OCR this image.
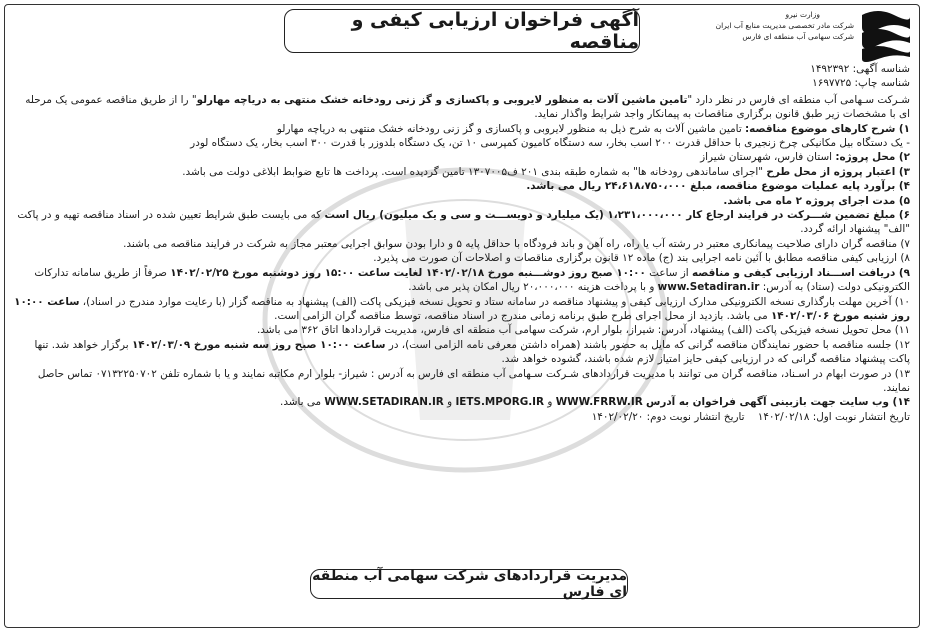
آگهی فراخوان ارزیابی کیفی و مناقصه
وزارت نیرو
شرکت مادر تخصصی مدیریت منابع آب ایران
شرکت سهامی آب منطقه ای فارس

شناسه آگهی: ۱۴۹۲۳۹۲

شناسه چاپ: ۱۶۹۷۷۲۵

شـرکت سـهامی آب منطقه ای فارس در نظر دارد "تامین ماشین آلات به منظور لایروبی و پاکسازی و گز زنی رودخانه خشک منتهی به دریاچه مهارلو" را از طریق مناقصه عمومی یک مرحله ای با مشخصات زیر طبق قانون برگزاری مناقصات به پیمانکار واجد شرایط واگذار نماید.

۱) شرح کارهای موضوع مناقصه: تامین ماشین آلات به شرح ذیل به منظور لایروبی و پاکسازی و گز زنی رودخانه خشک منتهی به دریاچه مهارلو

- یک دستگاه بیل مکانیکی چرخ زنجیری با حداقل قدرت ۲۰۰ اسب بخار، سه دستگاه کامیون کمپرسی ۱۰ تن، یک دستگاه بلدوزر با قدرت ۳۰۰ اسب بخار، یک دستگاه لودر

۲) محل پروژه: استان فارس، شهرستان شیراز

۳) اعتبار پروژه از محل طرح "اجرای ساماندهی رودخانه ها" به شماره طبقه بندی ۲۰۱ ف۱۳۰۷۰۰۵ تامین گردیده است. پرداخت ها تابع ضوابط ابلاغی دولت می باشد.

۴) برآورد پایه عملیات موضوع مناقصه، مبلغ ۲۴،۶۱۸،۷۵۰،۰۰۰ ریال می باشد.

۵) مدت اجرای پروژه ۲ ماه می باشد.

۶) مبلغ تضمین شـــرکت در فرایند ارجاع کار ۱،۲۳۱،۰۰۰،۰۰۰ (یک میلیارد و دویســـت و سی و یک میلیون) ریال است که می بایست طبق شرایط تعیین شده در اسناد مناقصه تهیه و در پاکت "الف" پیشنهاد ارائه گردد.

۷) مناقصه گران دارای صلاحیت پیمانکاری معتبر در رشته آب یا راه، راه آهن و باند فرودگاه با حداقل پایه ۵ و دارا بودن سوابق اجرایی معتبر مجاز به شرکت در فرایند مناقصه می باشند.

۸) ارزیابی کیفی مناقصه مطابق با آئین نامه اجرایی بند (ج) ماده ۱۲ قانون برگزاری مناقصات و اصلاحات آن صورت می پذیرد.

۹) دریافت اســـناد ارزیابی کیفی و مناقصه از ساعت ۱۰:۰۰ صبح روز دوشـــنبه مورخ ۱۴۰۲/۰۲/۱۸ لغایت ساعت ۱۵:۰۰ روز دوشنبه مورخ ۱۴۰۲/۰۲/۲۵ صرفاً از طریق سامانه تدارکات الکترونیکی دولت (ستاد) به آدرس: www.Setadiran.ir و با پرداخت هزینه ۲۰،۰۰۰،۰۰۰ ریال امکان پذیر می باشد.

۱۰) آخرین مهلت بارگذاری نسخه الکترونیکی مدارک ارزیابی کیفی و پیشنهاد مناقصه در سامانه ستاد و تحویل نسخه فیزیکی پاکت (الف) پیشنهاد به مناقصه گزار (با رعایت موارد مندرج در اسناد)، ساعت ۱۰:۰۰ روز شنبه مورخ ۱۴۰۲/۰۳/۰۶ می باشد. بازدید از محل اجرای طرح طبق برنامه زمانی مندرج در اسناد مناقصه، توسط مناقصه گران الزامی است.

۱۱) محل تحویل نسخه فیزیکی پاکت (الف) پیشنهاد، آدرس: شیراز، بلوار ارم، شرکت سهامی آب منطقه ای فارس، مدیریت قراردادها اتاق ۳۶۲ می باشد.

۱۲) جلسه مناقصه با حضور نمایندگان مناقصه گرانی که مایل به حضور باشند (همراه داشتن معرفی نامه الزامی است)، در ساعت ۱۰:۰۰ صبح روز سه شنبه مورخ ۱۴۰۲/۰۳/۰۹ برگزار خواهد شد. تنها پاکت پیشنهاد مناقصه گرانی که در ارزیابی کیفی حایز امتیاز لازم شده باشند، گشوده خواهد شد.

۱۳) در صورت ابهام در اسـناد، مناقصه گران می توانند با مدیریت قراردادهای شـرکت سـهامی آب منطقه ای فارس به آدرس : شیراز- بلوار ارم مکاتبه نمایند و یا با شماره تلفن ۰۷۱۳۲۲۵۰۷۰۲ تماس حاصل نمایند.

۱۴) وب سایت جهت بازبینی آگهی فراخوان به آدرس WWW.FRRW.IR و IETS.MPORG.IR و WWW.SETADIRAN.IR می باشد.

تاریخ انتشار نوبت اول: ۱۴۰۲/۰۲/۱۸    تاریخ انتشار نوبت دوم: ۱۴۰۲/۰۲/۲۰

مدیریت قراردادهای شرکت سهامی آب منطقه ای فارس
